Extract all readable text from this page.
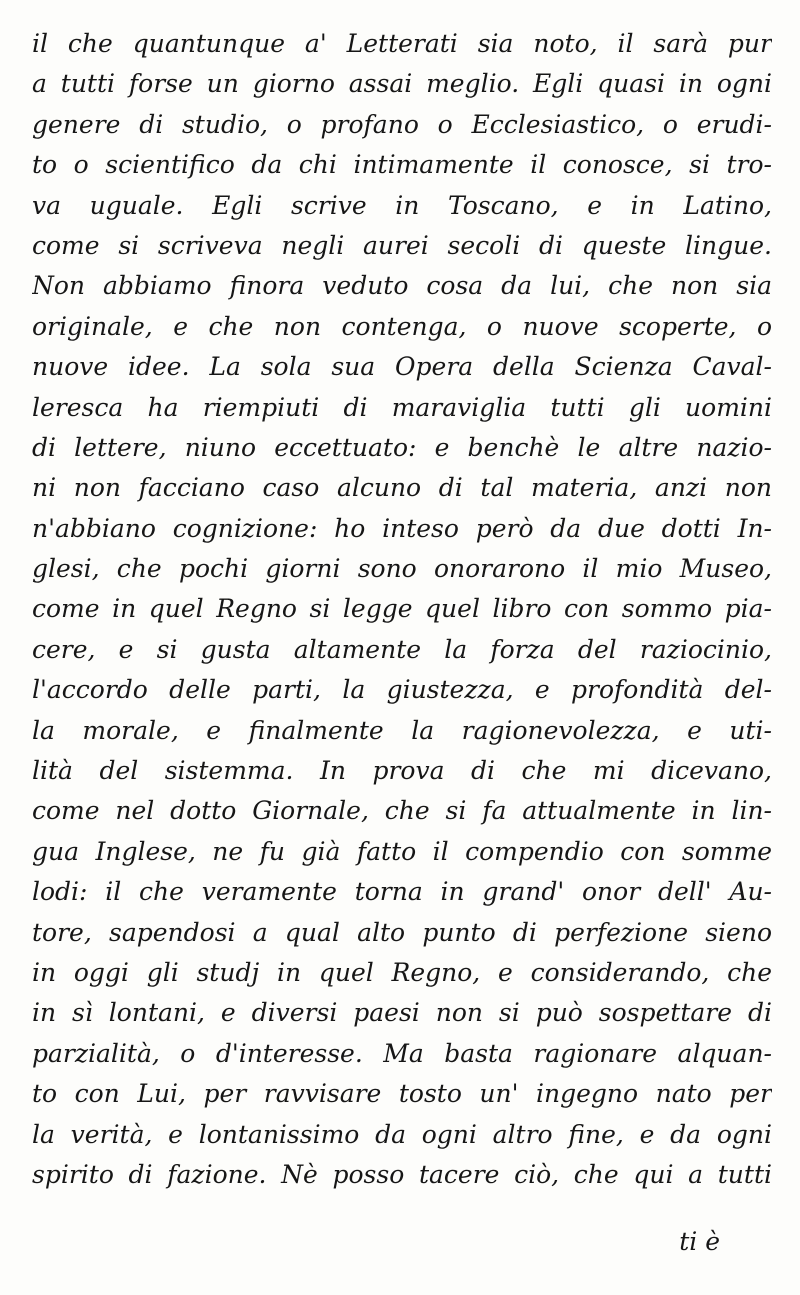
il che quantunque a' Letterati sia noto, il sarà pur
a tutti forse un giorno assai meglio. Egli quasi in ogni
genere di studio, o profano o Ecclesiastico, o erudi-
to o scientifico da chi intimamente il conosce, si tro-
va uguale. Egli scrive in Toscano, e in Latino,
come si scriveva negli aurei secoli di queste lingue.
Non abbiamo finora veduto cosa da lui, che non sia
originale, e che non contenga, o nuove scoperte, o
nuove idee. La sola sua Opera della Scienza Caval-
leresca ha riempiuti di maraviglia tutti gli uomini
di lettere, niuno eccettuato: e benchè le altre nazio-
ni non facciano caso alcuno di tal materia, anzi non
n'abbiano cognizione: ho inteso però da due dotti In-
glesi, che pochi giorni sono onorarono il mio Museo,
come in quel Regno si legge quel libro con sommo pia-
cere, e si gusta altamente la forza del raziocinio,
l'accordo delle parti, la giustezza, e profondità del-
la morale, e finalmente la ragionevolezza, e uti-
lità del sistemma. In prova di che mi dicevano,
come nel dotto Giornale, che si fa attualmente in lin-
gua Inglese, ne fu già fatto il compendio con somme
lodi: il che veramente torna in grand' onor dell' Au-
tore, sapendosi a qual alto punto di perfezione sieno
in oggi gli studj in quel Regno, e considerando, che
in sì lontani, e diversi paesi non si può sospettare di
parzialità, o d'interesse. Ma basta ragionare alquan-
to con Lui, per ravvisare tosto un' ingegno nato per
la verità, e lontanissimo da ogni altro fine, e da ogni
spirito di fazione. Nè posso tacere ciò, che qui a tutti
ti è
